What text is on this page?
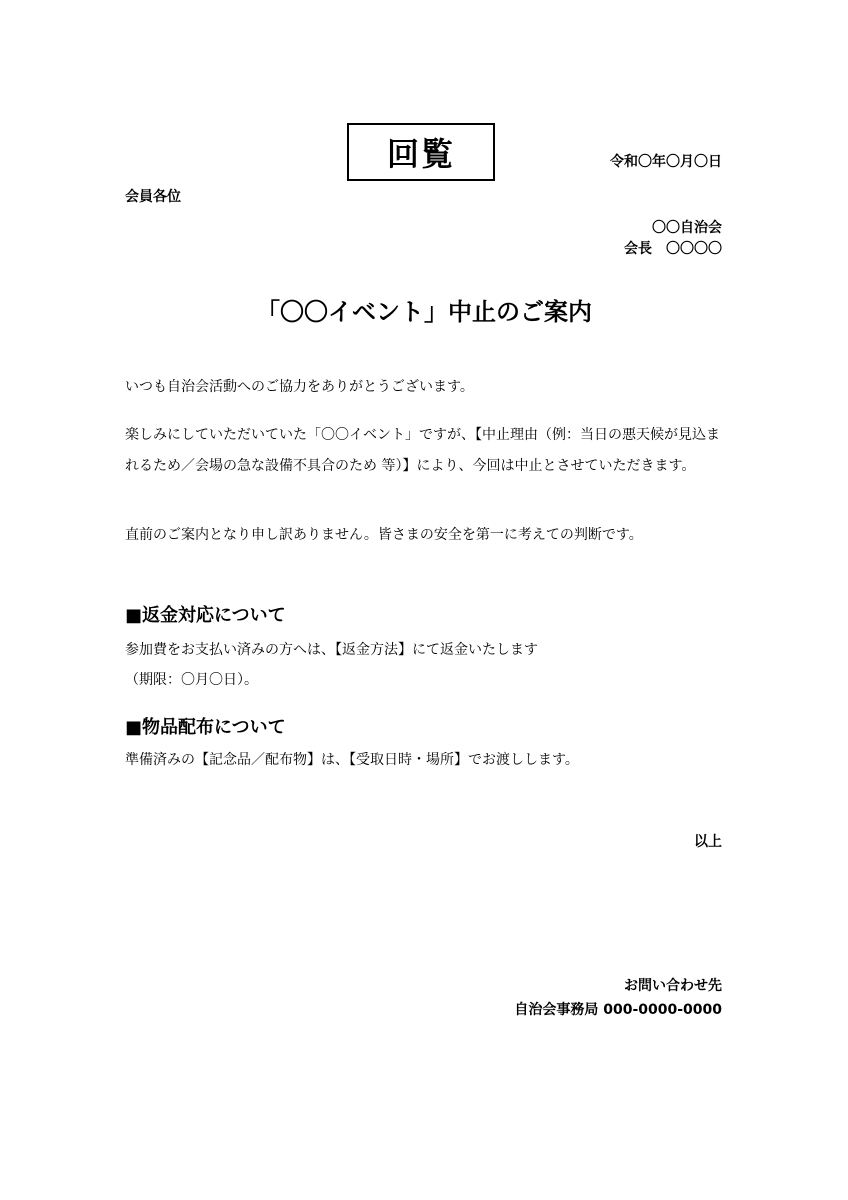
回覧	令和〇年〇月〇日
会員各位
〇〇自治会
会長　〇〇〇〇
「〇〇イベント」中止のご案内
いつも自治会活動へのご協力をありがとうございます。
楽しみにしていただいていた「〇〇イベント」ですが、【中止理由（例：当日の悪天候が見込まれるため／会場の急な設備不具合のため 等）】により、今回は中止とさせていただきます。
直前のご案内となり申し訳ありません。皆さまの安全を第一に考えての判断です。
■返金対応について
参加費をお支払い済みの方へは、【返金方法】にて返金いたします
（期限：〇月〇日）。
■物品配布について
準備済みの【記念品／配布物】は、【受取日時・場所】でお渡しします。
以上
お問い合わせ先
自治会事務局 000-0000-0000
